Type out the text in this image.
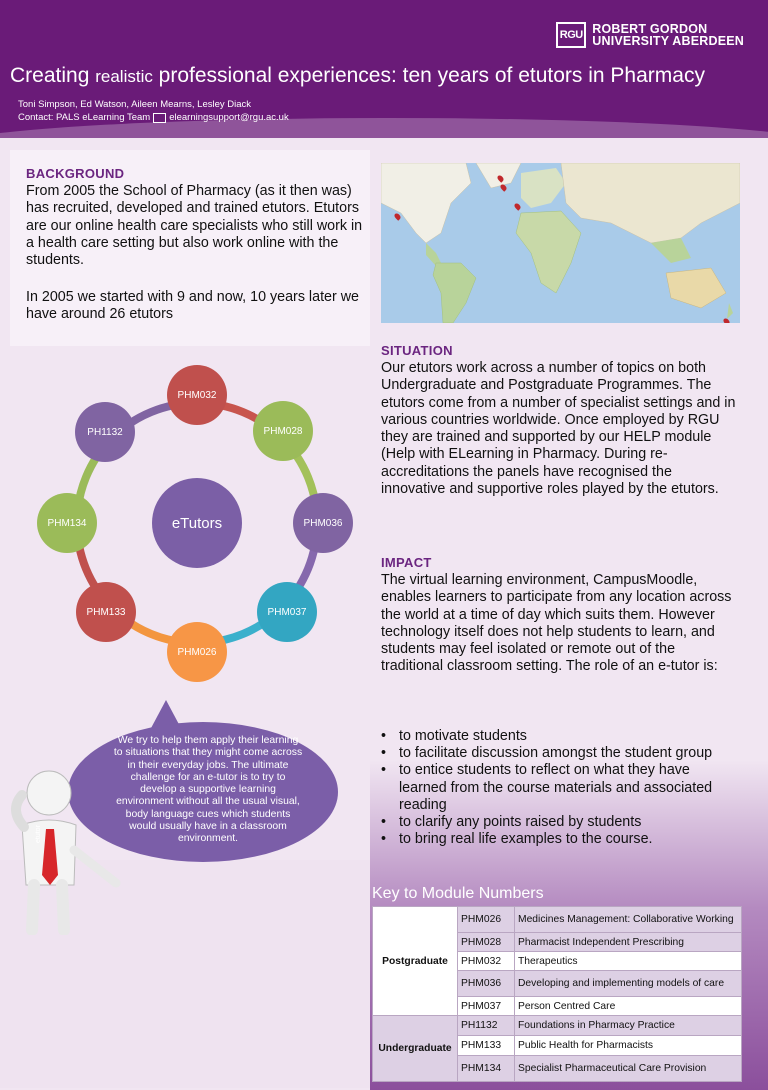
RGU ROBERT GORDON
UNIVERSITY ABERDEEN
Creating realistic professional experiences: ten years of etutors in Pharmacy
Toni Simpson, Ed Watson, Aileen Mearns, Lesley Diack
Contact: PALS eLearning Team elearningsupport@rgu.ac.uk
BACKGROUND
From 2005 the School of Pharmacy (as it then was) has recruited, developed and trained etutors. Etutors are our online health care specialists who still work in a health care setting but also work online with the students.
In 2005 we started with 9 and now, 10 years later we have around 26 etutors
eTutors
PHM032
PHM028
PHM036
PHM037
PHM026
PHM133
PHM134
PH1132
SITUATION
Our etutors work across a number of topics on both Undergraduate and Postgraduate Programmes. The etutors come from a number of specialist settings and in various countries worldwide. Once employed by RGU they are trained and supported by our HELP module (Help with ELearning in Pharmacy. During re-accreditations the panels have recognised the innovative and supportive roles played by the etutors.
IMPACT
The virtual learning environment, CampusMoodle, enables learners to participate from any location across the world at a time of day which suits them. However technology itself does not help students to learn, and students may feel isolated or remote out of the traditional classroom setting. The role of an e-tutor is:
• to motivate students
• to facilitate discussion amongst the student group
• to entice students to reflect on what they have learned from the course materials and associated reading
• to clarify any points raised by students
• to bring real life examples to the course.
We try to help them apply their learning to situations that they might come across in their everyday jobs. The ultimate challenge for an e-tutor is to try to develop a supportive learning environment without all the usual visual, body language cues which students would usually have in a classroom environment.
etutor
Key to Module Numbers
Postgraduate	PHM026	Medicines Management: Collaborative Working
	PHM028	Pharmacist Independent Prescribing
	PHM032	Therapeutics
	PHM036	Developing and implementing models of care
	PHM037	Person Centred Care
Undergraduate	PH1132	Foundations in Pharmacy Practice
	PHM133	Public Health for Pharmacists
	PHM134	Specialist Pharmaceutical Care Provision
